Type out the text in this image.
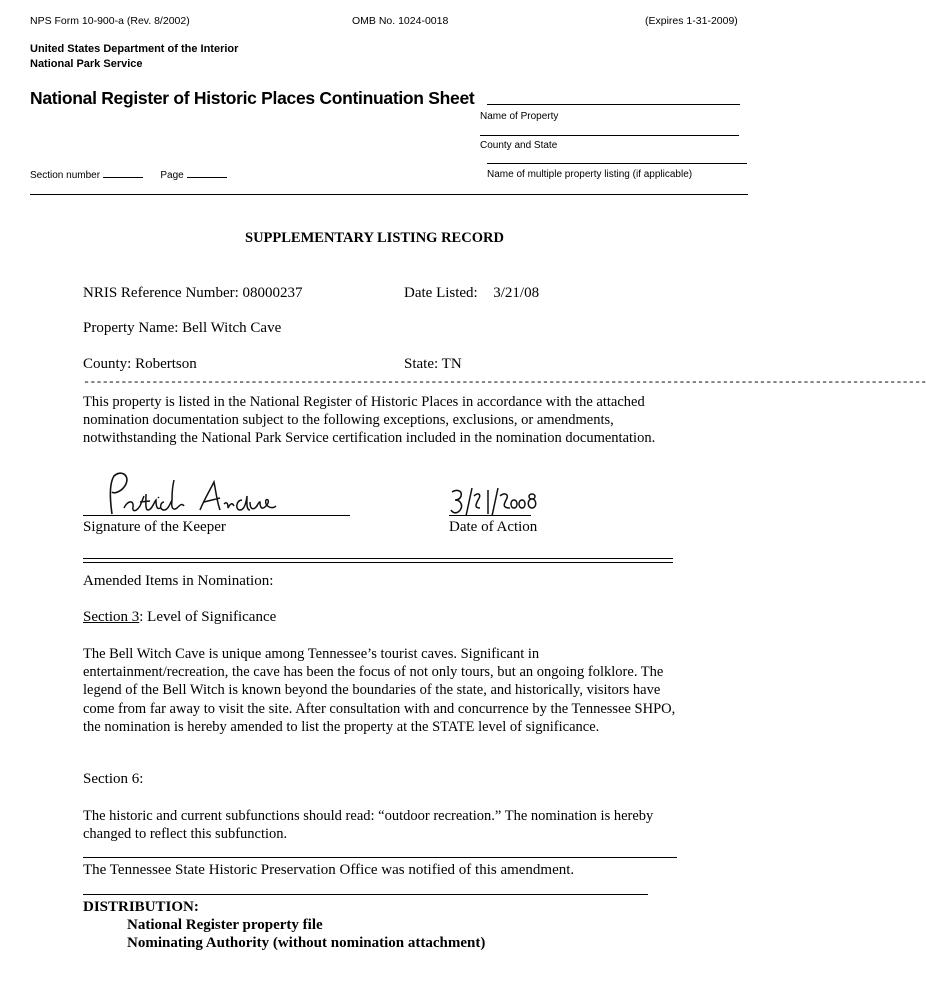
NPS Form 10-900-a (Rev. 8/2002)	OMB No. 1024-0018	(Expires 1-31-2009)
United States Department of the Interior
National Park Service
National Register of Historic Places Continuation Sheet
Name of Property
County and State
Name of multiple property listing (if applicable)
Section number	Page
SUPPLEMENTARY LISTING RECORD
NRIS Reference Number: 08000237	Date Listed: 3/21/08
Property Name: Bell Witch Cave
County: Robertson	State: TN
----------------------------------------------------------------------------------------------------------------------------------------
This property is listed in the National Register of Historic Places in accordance with the attached nomination documentation subject to the following exceptions, exclusions, or amendments, notwithstanding the National Park Service certification included in the nomination documentation.
Signature of the Keeper	Date of Action
Amended Items in Nomination:
Section 3: Level of Significance
The Bell Witch Cave is unique among Tennessee’s tourist caves. Significant in entertainment/recreation, the cave has been the focus of not only tours, but an ongoing folklore. The legend of the Bell Witch is known beyond the boundaries of the state, and historically, visitors have come from far away to visit the site. After consultation with and concurrence by the Tennessee SHPO, the nomination is hereby amended to list the property at the STATE level of significance.
Section 6:
The historic and current subfunctions should read: “outdoor recreation.” The nomination is hereby changed to reflect this subfunction.
The Tennessee State Historic Preservation Office was notified of this amendment.
DISTRIBUTION:
National Register property file
Nominating Authority (without nomination attachment)
